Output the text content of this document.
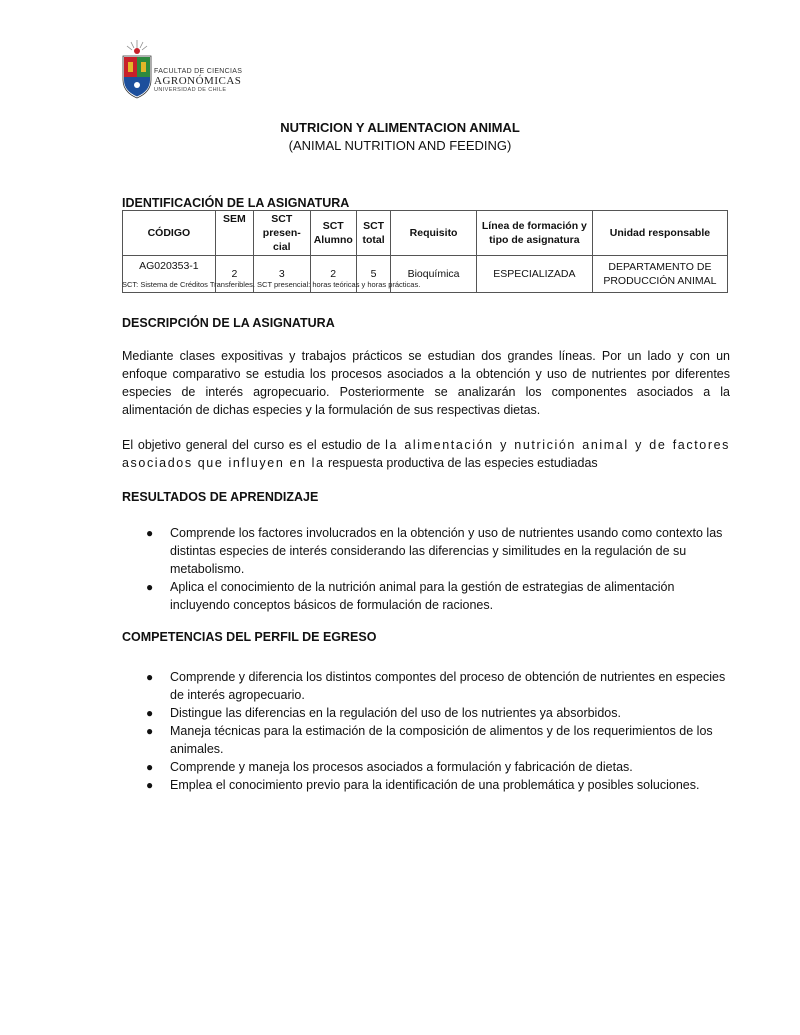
FACULTAD DE CIENCIAS
AGRONÓMICAS
UNIVERSIDAD DE CHILE
NUTRICION Y ALIMENTACION ANIMAL
(ANIMAL NUTRITION AND FEEDING)
IDENTIFICACIÓN DE LA ASIGNATURA
CÓDIGO	SEM	SCT presen-cial	SCT Alumno	SCT total	Requisito	Línea de formación y tipo de asignatura	Unidad responsable
AG020353-1	2	3	2	5	Bioquímica	ESPECIALIZADA	DEPARTAMENTO DE PRODUCCIÓN ANIMAL
SCT: Sistema de Créditos Transferibles. SCT presencial: horas teóricas y horas prácticas.
DESCRIPCIÓN DE LA ASIGNATURA
Mediante clases expositivas y trabajos prácticos se estudian dos grandes líneas. Por un lado y con un enfoque comparativo se estudia los procesos asociados a la obtención y uso de nutrientes por diferentes especies de interés agropecuario. Posteriormente se analizarán los componentes asociados a la alimentación de dichas especies y la formulación de sus respectivas dietas.
El objetivo general del curso es el estudio de la alimentación y nutrición animal y de factores asociados que influyen en la respuesta productiva de las especies estudiadas
RESULTADOS DE APRENDIZAJE
● Comprende los factores involucrados en la obtención y uso de nutrientes usando como contexto las distintas especies de interés considerando las diferencias y similitudes en la regulación de su metabolismo.
● Aplica el conocimiento de la nutrición animal para la gestión de estrategias de alimentación incluyendo conceptos básicos de formulación de raciones.
COMPETENCIAS DEL PERFIL DE EGRESO
● Comprende y diferencia los distintos compontes del proceso de obtención de nutrientes en especies de interés agropecuario.
● Distingue las diferencias en la regulación del uso de los nutrientes ya absorbidos.
● Maneja técnicas para la estimación de la composición de alimentos y de los requerimientos de los animales.
● Comprende y maneja los procesos asociados a formulación y fabricación de dietas.
● Emplea el conocimiento previo para la identificación de una problemática y posibles soluciones.
